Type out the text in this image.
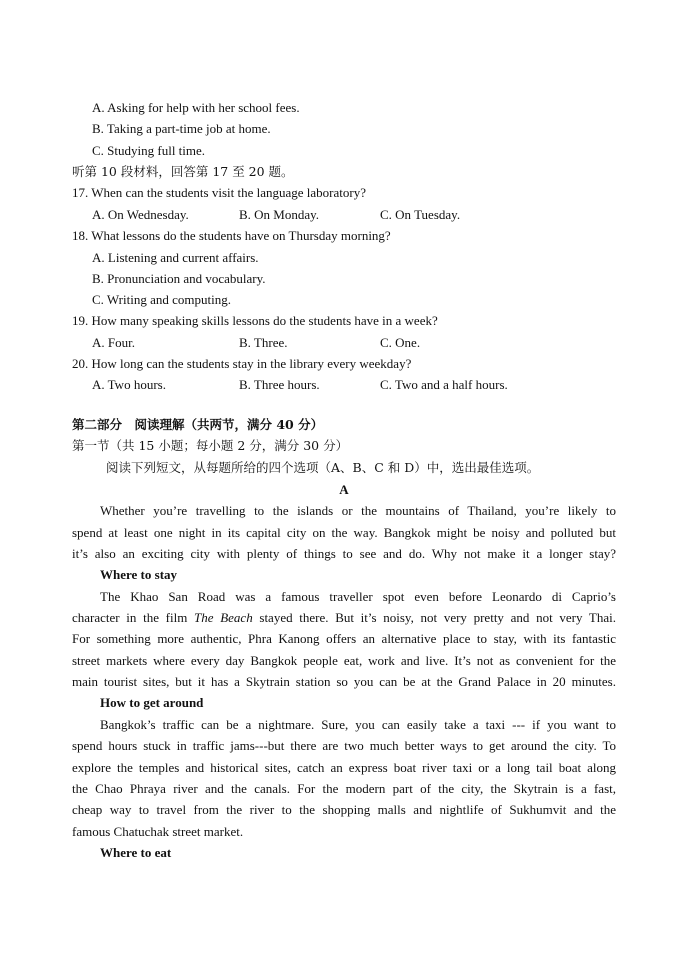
A. Asking for help with her school fees.
B. Taking a part-time job at home.
C. Studying full time.
听第 10 段材料，回答第 17 至 20 题。
17. When can the students visit the language laboratory?
A. On Wednesday.	B. On Monday.	C. On Tuesday.
18. What lessons do the students have on Thursday morning?
A. Listening and current affairs.
B. Pronunciation and vocabulary.
C. Writing and computing.
19. How many speaking skills lessons do the students have in a week?
A. Four.	B. Three.	C. One.
20. How long can the students stay in the library every weekday?
A. Two hours.	B. Three hours.	C. Two and a half hours.
第二部分　阅读理解（共两节，满分 40 分）
第一节（共 15 小题；每小题 2 分，满分 30 分）
阅读下列短文，从每题所给的四个选项（A、B、C 和 D）中，选出最佳选项。
A
Whether you’re travelling to the islands or the mountains of Thailand, you’re likely to
spend at least one night in its capital city on the way. Bangkok might be noisy and polluted but
it’s also an exciting city with plenty of things to see and do. Why not make it a longer stay?
Where to stay
The Khao San Road was a famous traveller spot even before Leonardo di Caprio’s
character in the film The Beach stayed there. But it’s noisy, not very pretty and not very Thai.
For something more authentic, Phra Kanong offers an alternative place to stay, with its fantastic
street markets where every day Bangkok people eat, work and live. It’s not as convenient for the
main tourist sites, but it has a Skytrain station so you can be at the Grand Palace in 20 minutes.
How to get around
Bangkok’s traffic can be a nightmare. Sure, you can easily take a taxi --- if you want to
spend hours stuck in traffic jams---but there are two much better ways to get around the city. To
explore the temples and historical sites, catch an express boat river taxi or a long tail boat along
the Chao Phraya river and the canals. For the modern part of the city, the Skytrain is a fast,
cheap way to travel from the river to the shopping malls and nightlife of Sukhumvit and the
famous Chatuchak street market.
Where to eat
